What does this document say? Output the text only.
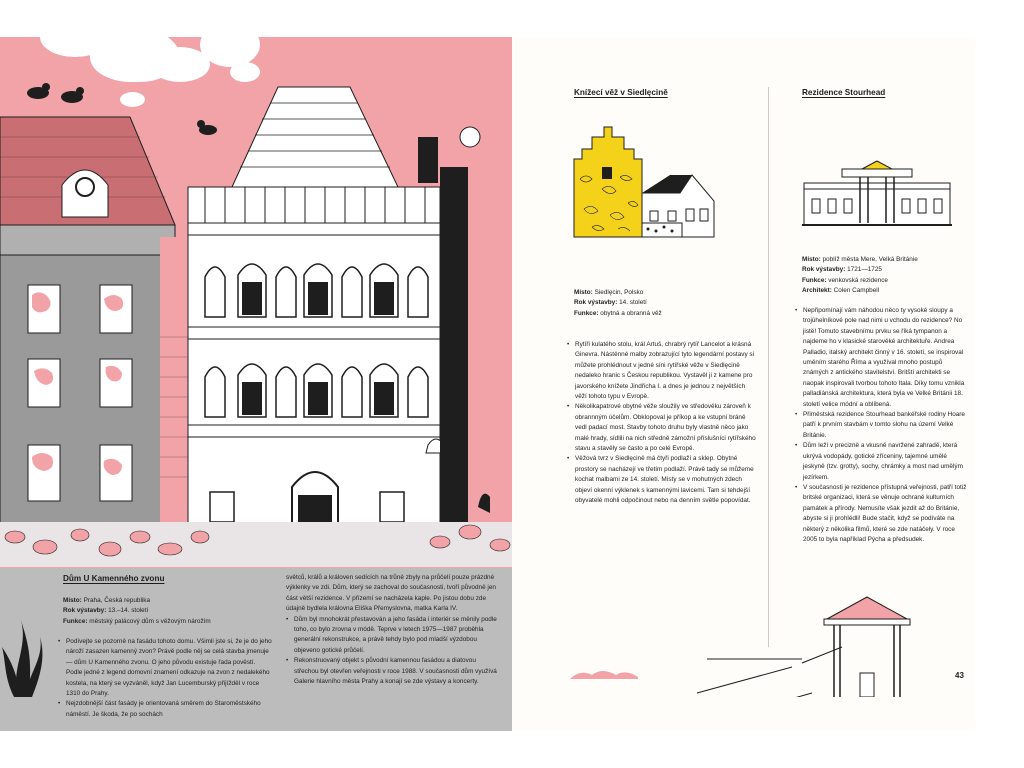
Dům U Kamenného zvonu
Místo: Praha, Česká republika
Rok výstavby: 13.–14. století
Funkce: městský palácový dům s věžovým nárožím

• Podívejte se pozorně na fasádu tohoto domu. Všimli jste si, že je do jeho nároží zasazen kamenný zvon? Právě podle něj se celá stavba jmenuje — dům U Kamenného zvonu. O jeho původu existuje řada pověstí. Podle jedné z legend domovní znamení odkazuje na zvon z nedalekého kostela, na který se vyzváněl, když Jan Lucemburský přijížděl v roce 1310 do Prahy.

• Nejzdobnější část fasády je orientovaná směrem do Staroměstského náměstí. Je škoda, že po sochách

světců, králů a královen sedících na trůně zbyly na průčelí pouze prázdné výklenky ve zdi. Dům, který se zachoval do současnosti, tvoří původně jen část větší rezidence. V přízemí se nacházela kaple. Po jistou dobu zde údajně bydlela královna Eliška Přemyslovna, matka Karla IV.

• Dům byl mnohokrát přestavován a jeho fasáda i interiér se měnily podle toho, co bylo zrovna v módě. Teprve v letech 1975—1987 proběhla generální rekonstrukce, a právě tehdy bylo pod mladší výzdobou objeveno gotické průčelí.

• Rekonstruovaný objekt s původní kamennou fasádou a diatovou střechou byl otevřen veřejnosti v roce 1988. V současnosti dům využívá Galerie hlavního města Prahy a konají se zde výstavy a koncerty.

Knížecí věž v Siedlęcině
Místo: Siedlęcin, Polsko
Rok výstavby: 14. století
Funkce: obytná a obranná věž

• Rytíři kulatého stolu, král Artuš, chrabrý rytíř Lancelot a krásná Ginevra. Nástěnné malby zobrazující tyto legendární postavy si můžete prohlédnout v jedné síni rytířské věže v Siedlęcině nedaleko hranic s Českou republikou. Vystavěl ji z kamene pro javorského knížete Jindřicha I. a dnes je jednou z největších věží tohoto typu v Evropě.

• Několikapatrové obytné věže sloužily ve středověku zároveň k obrannným účelům. Obklopoval je příkop a ke vstupní bráně vedl padací most. Stavby tohoto druhu byly vlastně něco jako malé hrady, sídlili na nich středně zámožní příslušníci rytířského stavu a stavěly se často a po celé Evropě.

• Věžová tvrz v Siedlęcině má čtyři podlaží a sklep. Obytné prostory se nacházejí ve třetím podlaží. Právě tady se můžeme kochat malbami ze 14. století. Místy se v mohutných zdech objeví okenní výklenek s kamennými lavicemi. Tam si tehdejší obyvatelé mohli odpočinout nebo na denním světle popovídat.

Rezidence Stourhead
Místo: poblíž města Mere, Velká Británie
Rok výstavby: 1721—1725
Funkce: venkovská rezidence
Architekt: Colen Campbell

• Nepřipomínají vám náhodou něco ty vysoké sloupy a trojúhelníkové pole nad nimi u vchodu do rezidence? No jistě! Tomuto stavebnímu prvku se říká tympanon a najdeme ho v klasické starověké architektuře. Andrea Palladio, italský architekt činný v 16. století, se inspiroval uměním starého Říma a využíval mnoho postupů známých z antického stavitelství. Britští architekti se naopak inspirovali tvorbou tohoto Itala. Díky tomu vznikla palladiánská architektura, která byla ve Velké Británii 18. století velice módní a oblíbená.

• Přiměstská rezidence Stourhead bankéřské rodiny Hoare patří k prvním stavbám v tomto slohu na území Velké Británie.

• Dům leží v precizně a vkusně navržené zahradě, která ukrývá vodopády, gotické zříceniny, tajemné umělé jeskyně (tzv. grotty), sochy, chrámky a most nad umělým jezírkem.

• V současnosti je rezidence přístupná veřejnosti, patří totiž britské organizaci, která se věnuje ochraně kulturních památek a přírody. Nemusíte však jezdit až do Británie, abyste si ji prohlédli! Bude stačit, když se podíváte na některý z několika filmů, které se zde natáčely. V roce 2005 to byla například Pýcha a předsudek.

43
